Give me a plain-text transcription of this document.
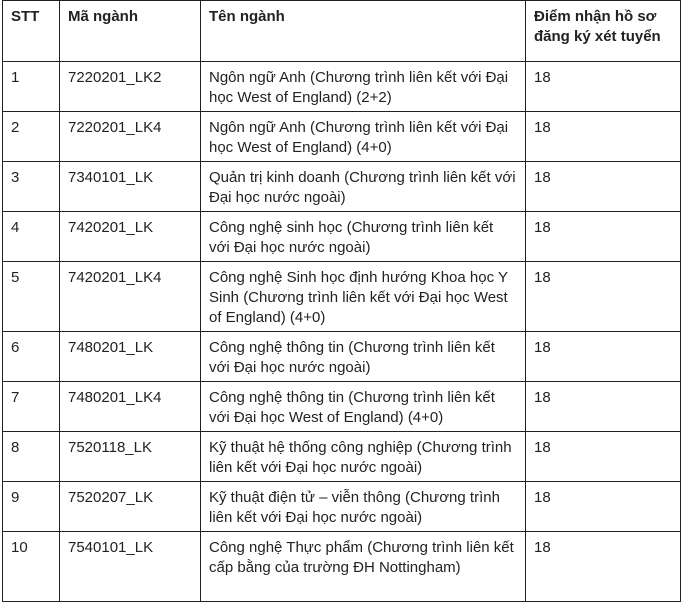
STT	Mã ngành	Tên ngành	Điểm nhận hồ sơ đăng ký xét tuyển
1	7220201_LK2	Ngôn ngữ Anh (Chương trình liên kết với Đại học West of England) (2+2)	18
2	7220201_LK4	Ngôn ngữ Anh (Chương trình liên kết với Đại học West of England) (4+0)	18
3	7340101_LK	Quản trị kinh doanh (Chương trình liên kết với Đại học nước ngoài)	18
4	7420201_LK	Công nghệ sinh học (Chương trình liên kết với Đại học nước ngoài)	18
5	7420201_LK4	Công nghệ Sinh học định hướng Khoa học Y Sinh (Chương trình liên kết với Đại học West of England) (4+0)	18
6	7480201_LK	Công nghệ thông tin (Chương trình liên kết với Đại học nước ngoài)	18
7	7480201_LK4	Công nghệ thông tin (Chương trình liên kết với Đại học West of England) (4+0)	18
8	7520118_LK	Kỹ thuật hệ thống công nghiệp (Chương trình liên kết với Đại học nước ngoài)	18
9	7520207_LK	Kỹ thuật điện tử – viễn thông (Chương trình liên kết với Đại học nước ngoài)	18
10	7540101_LK	Công nghệ Thực phẩm (Chương trình liên kết cấp bằng của trường ĐH Nottingham)	18
